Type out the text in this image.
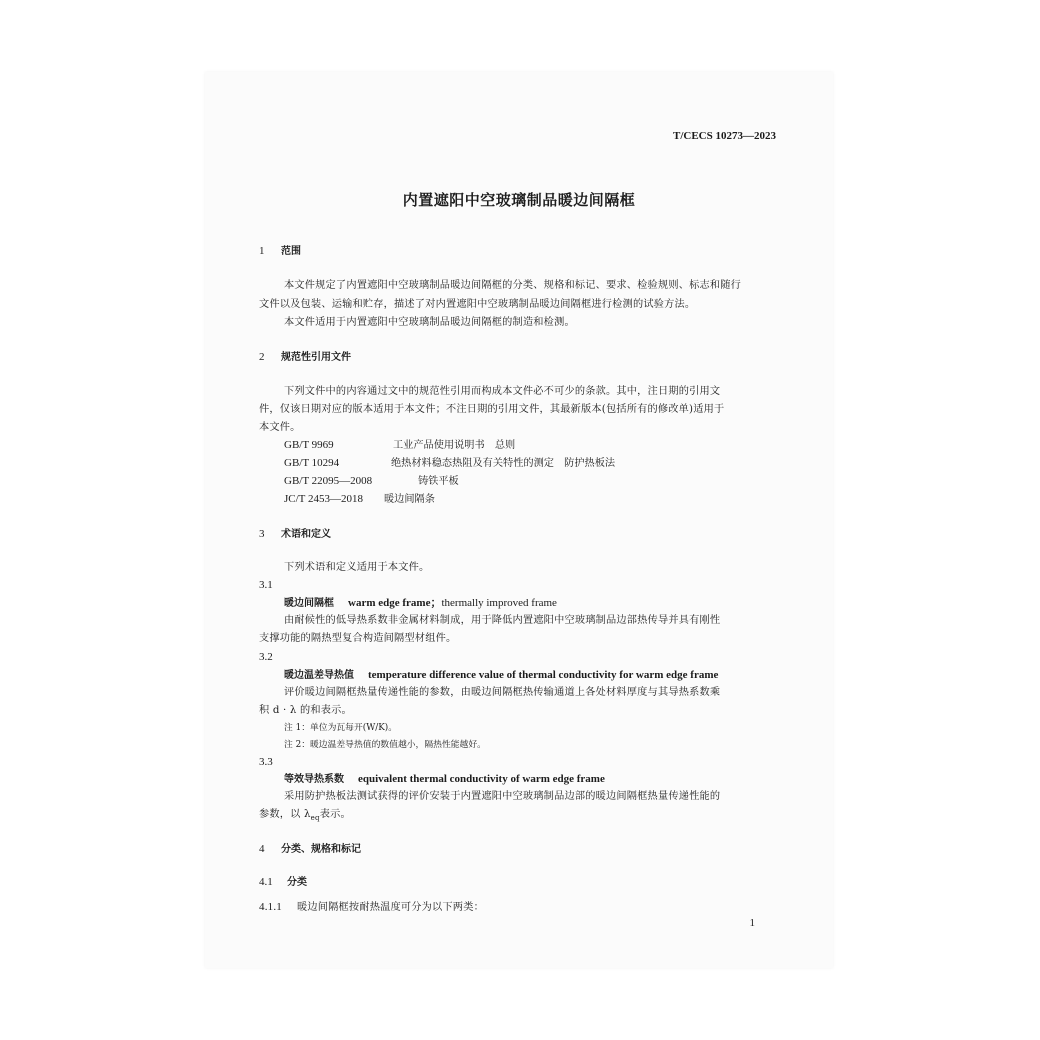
T/CECS 10273—2023
内置遮阳中空玻璃制品暖边间隔框
1 范围
本文件规定了内置遮阳中空玻璃制品暖边间隔框的分类、规格和标记、要求、检验规则、标志和随行
文件以及包装、运输和贮存，描述了对内置遮阳中空玻璃制品暖边间隔框进行检测的试验方法。
本文件适用于内置遮阳中空玻璃制品暖边间隔框的制造和检测。
2 规范性引用文件
下列文件中的内容通过文中的规范性引用而构成本文件必不可少的条款。其中，注日期的引用文
件，仅该日期对应的版本适用于本文件；不注日期的引用文件，其最新版本(包括所有的修改单)适用于
本文件。
GB/T 9969	工业产品使用说明书　总则
GB/T 10294	绝热材料稳态热阻及有关特性的测定　防护热板法
GB/T 22095—2008	铸铁平板
JC/T 2453—2018 暖边间隔条
3 术语和定义
下列术语和定义适用于本文件。
3.1
暖边间隔框 warm edge frame；thermally improved frame
由耐候性的低导热系数非金属材料制成，用于降低内置遮阳中空玻璃制品边部热传导并具有刚性
支撑功能的隔热型复合构造间隔型材组件。
3.2
暖边温差导热值 temperature difference value of thermal conductivity for warm edge frame
评价暖边间隔框热量传递性能的参数，由暖边间隔框热传输通道上各处材料厚度与其导热系数乘
积 d · λ 的和表示。
注 1：单位为瓦每开(W/K)。
注 2：暖边温差导热值的数值越小，隔热性能越好。
3.3
等效导热系数 equivalent thermal conductivity of warm edge frame
采用防护热板法测试获得的评价安装于内置遮阳中空玻璃制品边部的暖边间隔框热量传递性能的
参数，以 $\lambda_{eq}$表示。
4 分类、规格和标记
4.1 分类
4.1.1 暖边间隔框按耐热温度可分为以下两类：
1
